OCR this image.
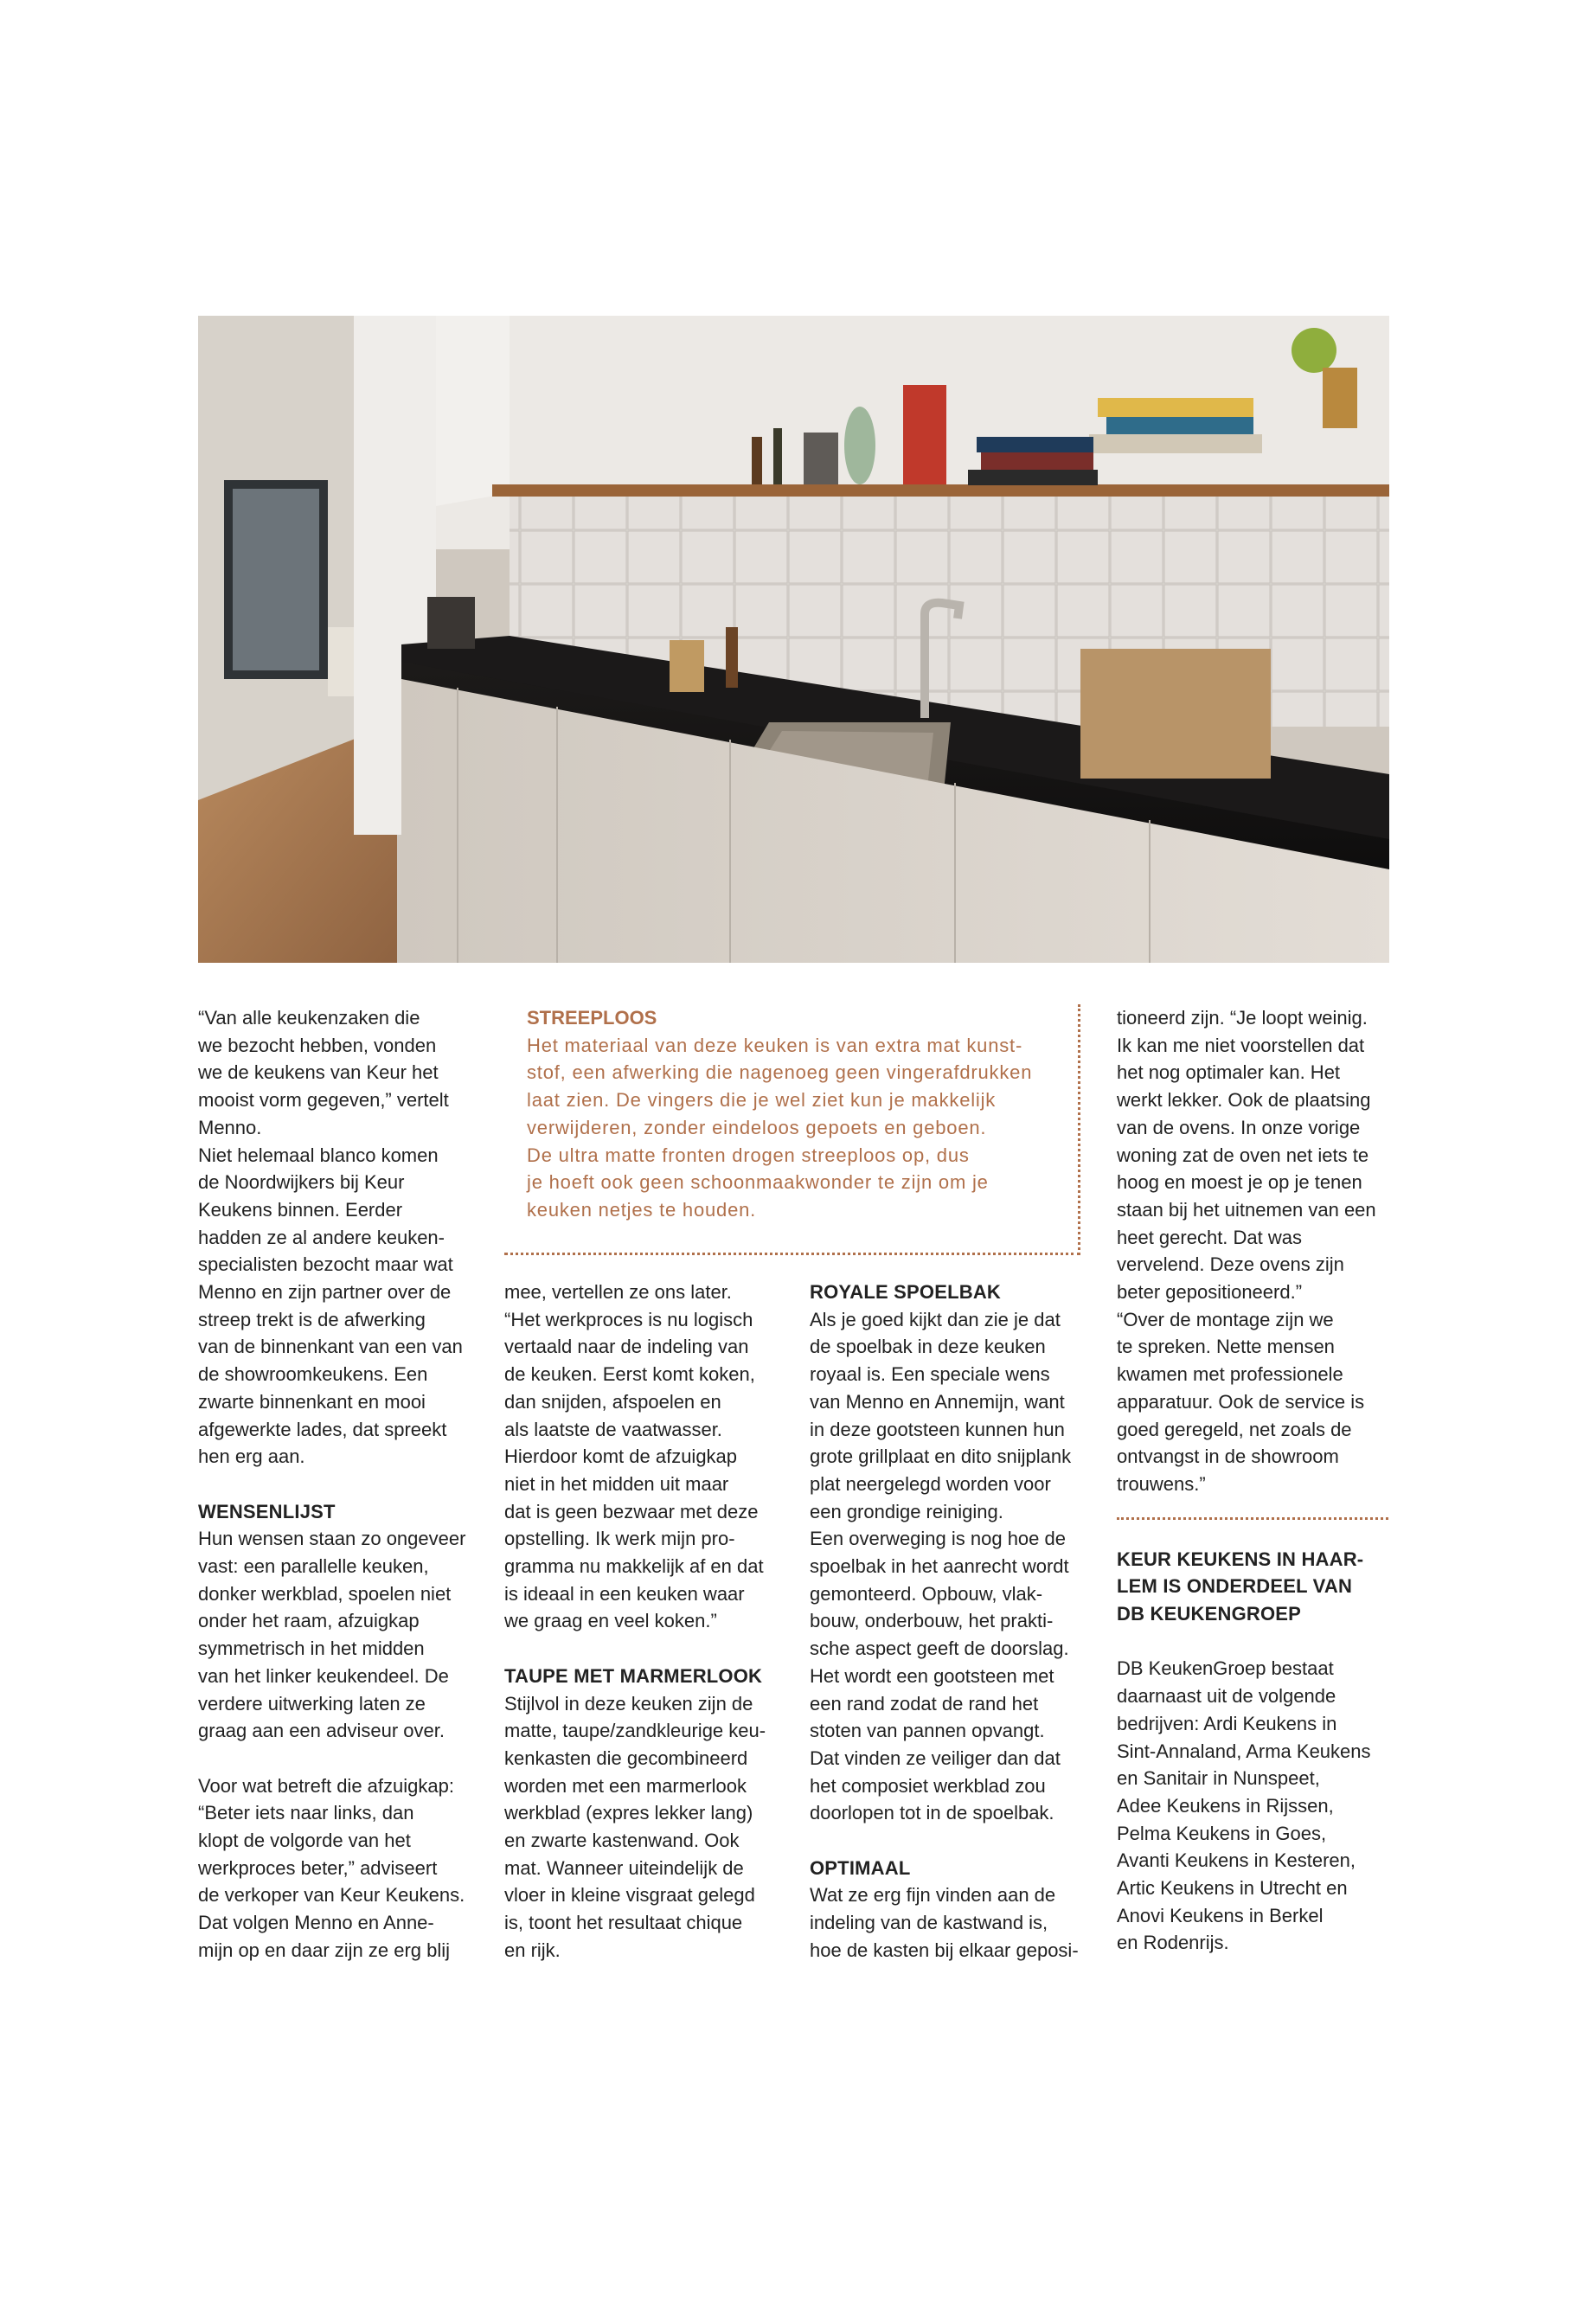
“Van alle keukenzaken die
we bezocht hebben, vonden
we de keukens van Keur het
mooist vorm gegeven,” vertelt
Menno.
Niet helemaal blanco komen
de Noordwijkers bij Keur
Keukens binnen. Eerder
hadden ze al andere keuken-
specialisten bezocht maar wat
Menno en zijn partner over de
streep trekt is de afwerking
van de binnenkant van een van
de showroomkeukens. Een
zwarte binnenkant en mooi
afgewerkte lades, dat spreekt
hen erg aan.

WENSENLIJST

Hun wensen staan zo ongeveer
vast: een parallelle keuken,
donker werkblad, spoelen niet
onder het raam, afzuigkap
symmetrisch in het midden
van het linker keukendeel. De
verdere uitwerking laten ze
graag aan een adviseur over.

Voor wat betreft die afzuigkap:
“Beter iets naar links, dan
klopt de volgorde van het
werkproces beter,” adviseert
de verkoper van Keur Keukens.
Dat volgen Menno en Anne-
mijn op en daar zijn ze erg blij

STREEPLOOS

Het materiaal van deze keuken is van extra mat kunst-
stof, een afwerking die nagenoeg geen vingerafdrukken
laat zien. De vingers die je wel ziet kun je makkelijk
verwijderen, zonder eindeloos gepoets en geboen.
De ultra matte fronten drogen streeploos op, dus
je hoeft ook geen schoonmaakwonder te zijn om je
keuken netjes te houden.

mee, vertellen ze ons later.
“Het werkproces is nu logisch
vertaald naar de indeling van
de keuken. Eerst komt koken,
dan snijden, afspoelen en
als laatste de vaatwasser.
Hierdoor komt de afzuigkap
niet in het midden uit maar
dat is geen bezwaar met deze
opstelling. Ik werk mijn pro-
gramma nu makkelijk af en dat
is ideaal in een keuken waar
we graag en veel koken.”

TAUPE MET MARMERLOOK

Stijlvol in deze keuken zijn de
matte, taupe/zandkleurige keu-
kenkasten die gecombineerd
worden met een marmerlook
werkblad (expres lekker lang)
en zwarte kastenwand. Ook
mat. Wanneer uiteindelijk de
vloer in kleine visgraat gelegd
is, toont het resultaat chique
en rijk.

ROYALE SPOELBAK

Als je goed kijkt dan zie je dat
de spoelbak in deze keuken
royaal is. Een speciale wens
van Menno en Annemijn, want
in deze gootsteen kunnen hun
grote grillplaat en dito snijplank
plat neergelegd worden voor
een grondige reiniging.
Een overweging is nog hoe de
spoelbak in het aanrecht wordt
gemonteerd. Opbouw, vlak-
bouw, onderbouw, het prakti-
sche aspect geeft de doorslag.
Het wordt een gootsteen met
een rand zodat de rand het
stoten van pannen opvangt.
Dat vinden ze veiliger dan dat
het composiet werkblad zou
doorlopen tot in de spoelbak.

OPTIMAAL

Wat ze erg fijn vinden aan de
indeling van de kastwand is,
hoe de kasten bij elkaar geposi-

tioneerd zijn. “Je loopt weinig.
Ik kan me niet voorstellen dat
het nog optimaler kan. Het
werkt lekker. Ook de plaatsing
van de ovens. In onze vorige
woning zat de oven net iets te
hoog en moest je op je tenen
staan bij het uitnemen van een
heet gerecht. Dat was
vervelend. Deze ovens zijn
beter gepositioneerd.”
“Over de montage zijn we
te spreken. Nette mensen
kwamen met professionele
apparatuur. Ook de service is
goed geregeld, net zoals de
ontvangst in de showroom
trouwens.”

KEUR KEUKENS IN HAAR-
LEM IS ONDERDEEL VAN
DB KEUKENGROEP

DB KeukenGroep bestaat
daarnaast uit de volgende
bedrijven: Ardi Keukens in
Sint-Annaland, Arma Keukens
en Sanitair in Nunspeet,
Adee Keukens in Rijssen,
Pelma Keukens in Goes,
Avanti Keukens in Kesteren,
Artic Keukens in Utrecht en
Anovi Keukens in Berkel
en Rodenrijs.
